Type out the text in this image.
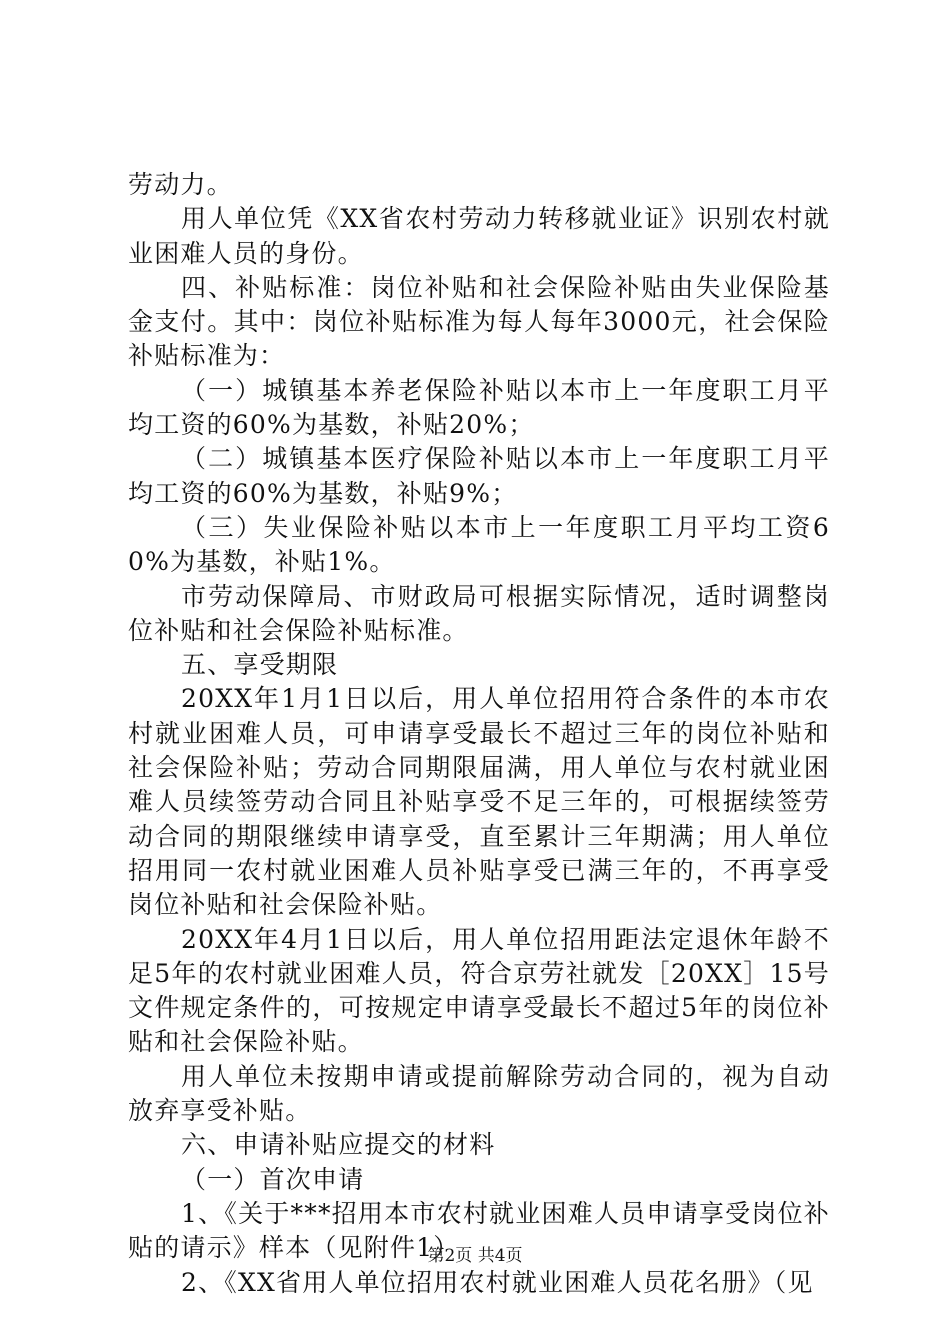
劳动力。

用人单位凭《XX省农村劳动力转移就业证》识别农村就业困难人员的身份。

四、补贴标准：岗位补贴和社会保险补贴由失业保险基金支付。其中：岗位补贴标准为每人每年3000元，社会保险补贴标准为：

（一）城镇基本养老保险补贴以本市上一年度职工月平均工资的60%为基数，补贴20%；

（二）城镇基本医疗保险补贴以本市上一年度职工月平均工资的60%为基数，补贴9%；

（三）失业保险补贴以本市上一年度职工月平均工资60%为基数，补贴1%。

市劳动保障局、市财政局可根据实际情况，适时调整岗位补贴和社会保险补贴标准。

五、享受期限

20XX年1月1日以后，用人单位招用符合条件的本市农村就业困难人员，可申请享受最长不超过三年的岗位补贴和社会保险补贴；劳动合同期限届满，用人单位与农村就业困难人员续签劳动合同且补贴享受不足三年的，可根据续签劳动合同的期限继续申请享受，直至累计三年期满；用人单位招用同一农村就业困难人员补贴享受已满三年的，不再享受岗位补贴和社会保险补贴。

20XX年4月1日以后，用人单位招用距法定退休年龄不足5年的农村就业困难人员，符合京劳社就发［20XX］15号文件规定条件的，可按规定申请享受最长不超过5年的岗位补贴和社会保险补贴。

用人单位未按期申请或提前解除劳动合同的，视为自动放弃享受补贴。

六、申请补贴应提交的材料

（一）首次申请

1、《关于***招用本市农村就业困难人员申请享受岗位补贴的请示》样本（见附件1）

2、《XX省用人单位招用农村就业困难人员花名册》（见

第2页 共4页
